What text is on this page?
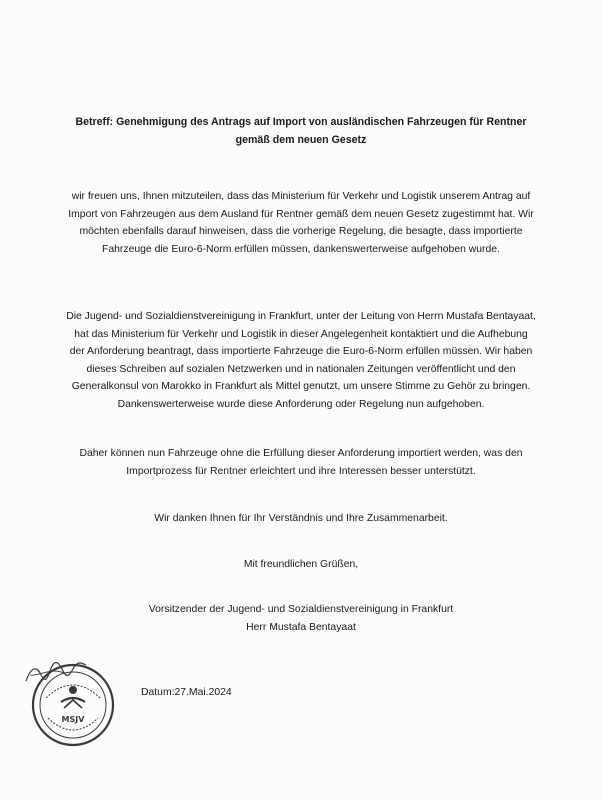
Betreff: Genehmigung des Antrags auf Import von ausländischen Fahrzeugen für Rentner gemäß dem neuen Gesetz

wir freuen uns, Ihnen mitzuteilen, dass das Ministerium für Verkehr und Logistik unserem Antrag auf Import von Fahrzeugen aus dem Ausland für Rentner gemäß dem neuen Gesetz zugestimmt hat. Wir möchten ebenfalls darauf hinweisen, dass die vorherige Regelung, die besagte, dass importierte Fahrzeuge die Euro-6-Norm erfüllen müssen, dankenswerterweise aufgehoben wurde.

Die Jugend- und Sozialdienstvereinigung in Frankfurt, unter der Leitung von Herrn Mustafa Bentayaat, hat das Ministerium für Verkehr und Logistik in dieser Angelegenheit kontaktiert und die Aufhebung der Anforderung beantragt, dass importierte Fahrzeuge die Euro-6-Norm erfüllen müssen. Wir haben dieses Schreiben auf sozialen Netzwerken und in nationalen Zeitungen veröffentlicht und den Generalkonsul von Marokko in Frankfurt als Mittel genutzt, um unsere Stimme zu Gehör zu bringen. Dankenswerterweise wurde diese Anforderung oder Regelung nun aufgehoben.

Daher können nun Fahrzeuge ohne die Erfüllung dieser Anforderung importiert werden, was den Importprozess für Rentner erleichtert und ihre Interessen besser unterstützt.

Wir danken Ihnen für Ihr Verständnis und Ihre Zusammenarbeit.

Mit freundlichen Grüßen,

Vorsitzender der Jugend- und Sozialdienstvereinigung in Frankfurt

Herr Mustafa Bentayaat

MSJV

Datum:27.Mai.2024
